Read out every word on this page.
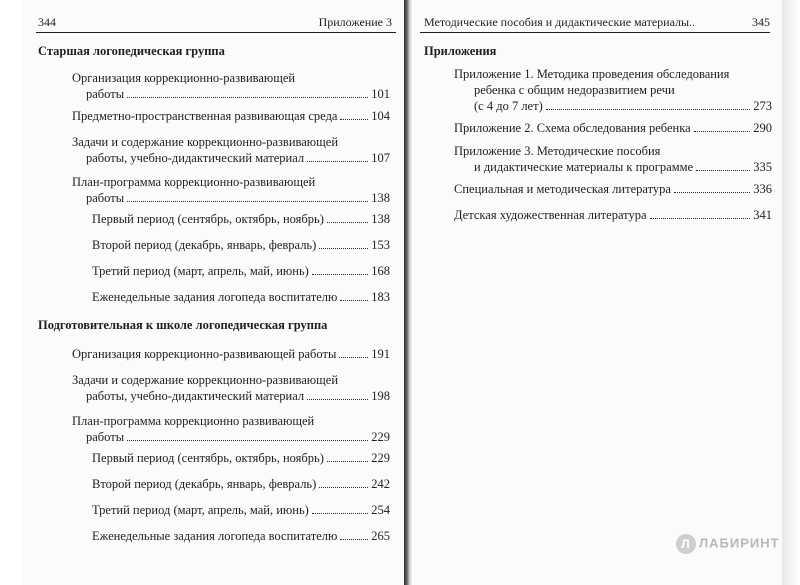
344	Приложение 3	Методические пособия и дидактические материалы..	345
Старшая логопедическая группа
Организация коррекционно-развивающей
работы	101
Предметно-пространственная развивающая среда	104
Задачи и содержание коррекционно-развивающей
работы, учебно-дидактический материал	107
План-программа коррекционно-развивающей
работы	138
Первый период (сентябрь, октябрь, ноябрь)	138
Второй период (декабрь, январь, февраль)	153
Третий период (март, апрель, май, июнь)	168
Еженедельные задания логопеда воспитателю	183
Подготовительная к школе логопедическая группа
Организация коррекционно-развивающей работы	191
Задачи и содержание коррекционно-развивающей
работы, учебно-дидактический материал	198
План-программа коррекционно развивающей
работы	229
Первый период (сентябрь, октябрь, ноябрь)	229
Второй период (декабрь, январь, февраль)	242
Третий период (март, апрель, май, июнь)	254
Еженедельные задания логопеда воспитателю	265
Приложения
Приложение 1. Методика проведения обследования
ребенка с общим недоразвитием речи
(с 4 до 7 лет)	273
Приложение 2. Схема обследования ребенка	290
Приложение 3. Методические пособия
и дидактические материалы к программе	335
Специальная и методическая литература	336
Детская художественная литература	341
Л ЛАБИРИНТ
